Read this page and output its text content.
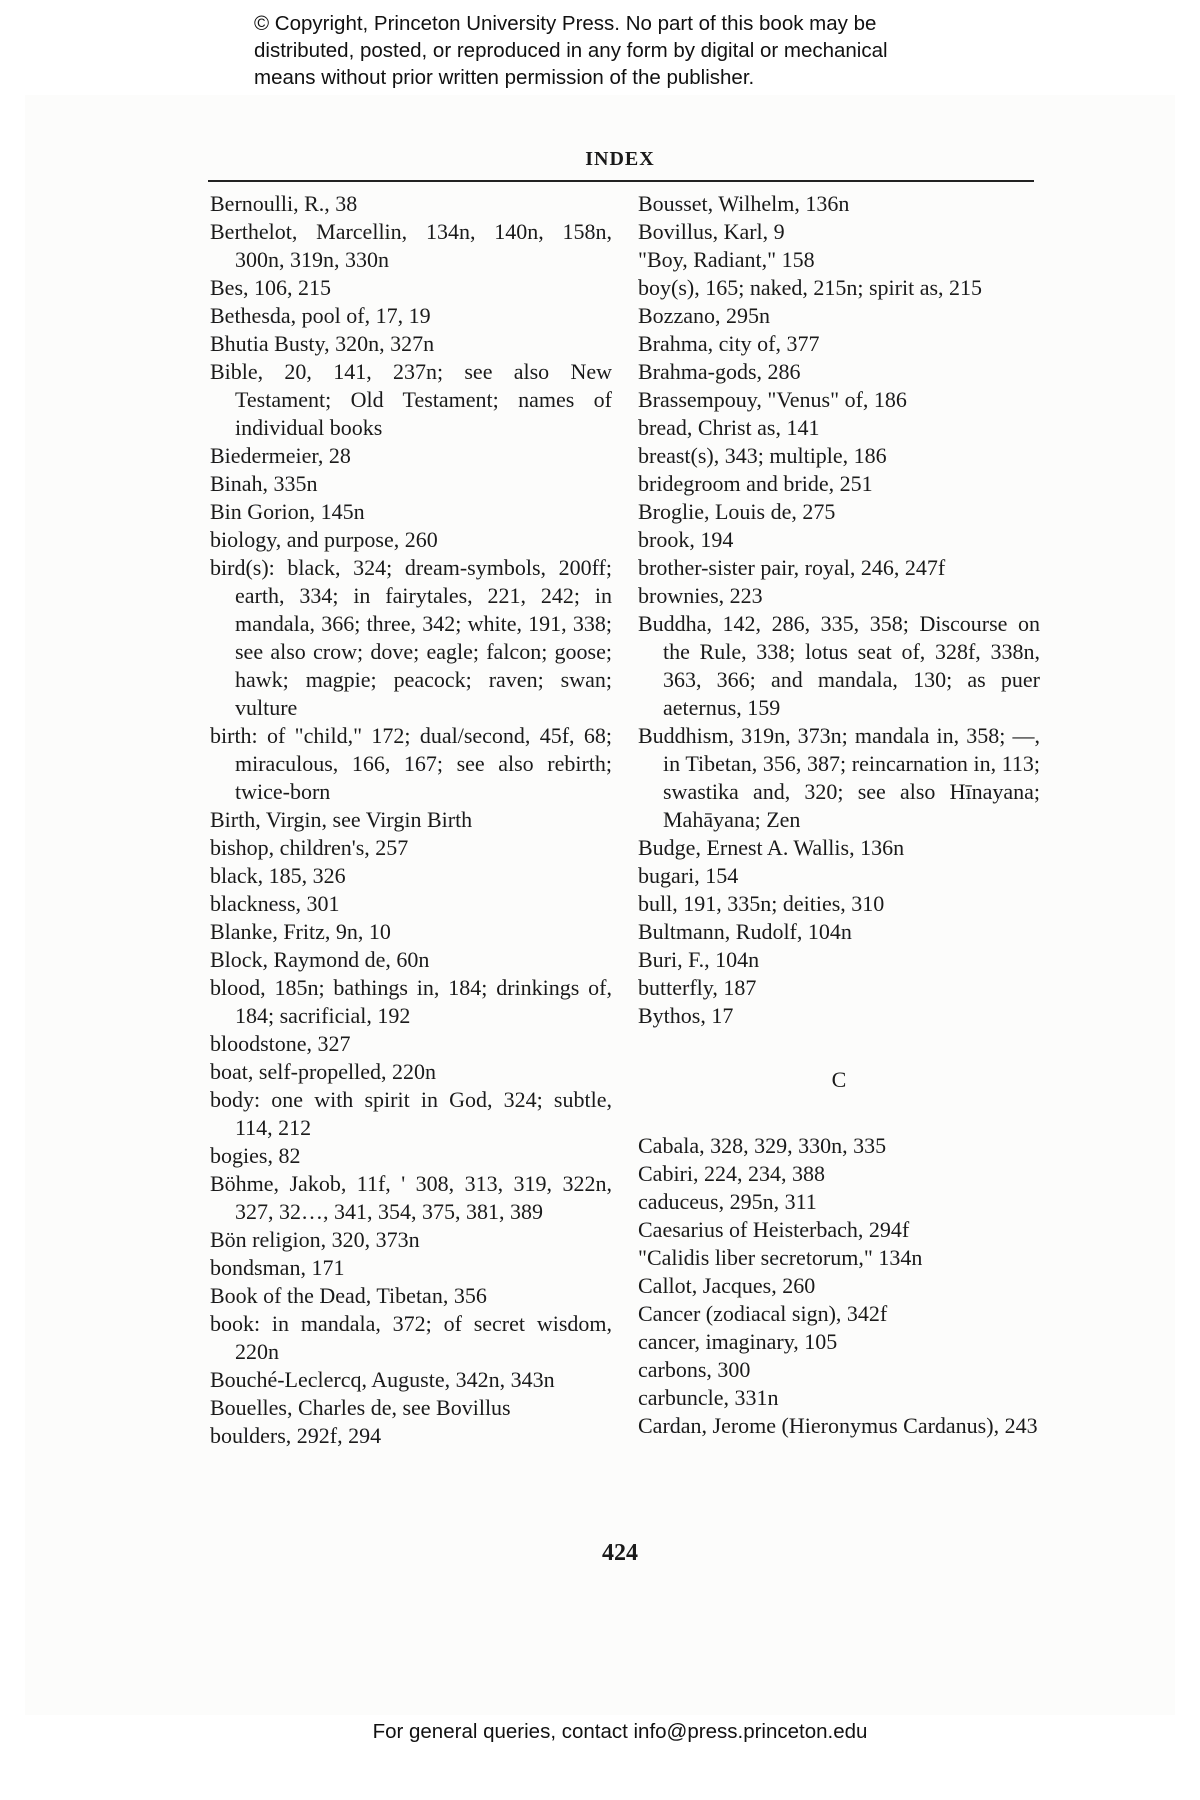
© Copyright, Princeton University Press. No part of this book may be
distributed, posted, or reproduced in any form by digital or mechanical
means without prior written permission of the publisher.
INDEX

Bernoulli, R., 38

Berthelot, Marcellin, 134n, 140n, 158n, 300n, 319n, 330n

Bes, 106, 215

Bethesda, pool of, 17, 19

Bhutia Busty, 320n, 327n

Bible, 20, 141, 237n; see also New Testament; Old Testament; names of individual books

Biedermeier, 28

Binah, 335n

Bin Gorion, 145n

biology, and purpose, 260

bird(s): black, 324; dream-symbols, 200ff; earth, 334; in fairytales, 221, 242; in mandala, 366; three, 342; white, 191, 338; see also crow; dove; eagle; falcon; goose; hawk; magpie; peacock; raven; swan; vulture

birth: of "child," 172; dual/second, 45f, 68; miraculous, 166, 167; see also rebirth; twice-born

Birth, Virgin, see Virgin Birth

bishop, children's, 257

black, 185, 326

blackness, 301

Blanke, Fritz, 9n, 10

Block, Raymond de, 60n

blood, 185n; bathings in, 184; drinkings of, 184; sacrificial, 192

bloodstone, 327

boat, self-propelled, 220n

body: one with spirit in God, 324; subtle, 114, 212

bogies, 82

Böhme, Jakob, 11f, ' 308, 313, 319, 322n, 327, 32…, 341, 354, 375, 381, 389

Bön religion, 320, 373n

bondsman, 171

Book of the Dead, Tibetan, 356

book: in mandala, 372; of secret wisdom, 220n

Bouché-Leclercq, Auguste, 342n, 343n

Bouelles, Charles de, see Bovillus

boulders, 292f, 294

Bousset, Wilhelm, 136n

Bovillus, Karl, 9

"Boy, Radiant," 158

boy(s), 165; naked, 215n; spirit as, 215

Bozzano, 295n

Brahma, city of, 377

Brahma-gods, 286

Brassempouy, "Venus" of, 186

bread, Christ as, 141

breast(s), 343; multiple, 186

bridegroom and bride, 251

Broglie, Louis de, 275

brook, 194

brother-sister pair, royal, 246, 247f

brownies, 223

Buddha, 142, 286, 335, 358; Discourse on the Rule, 338; lotus seat of, 328f, 338n, 363, 366; and mandala, 130; as puer aeternus, 159

Buddhism, 319n, 373n; mandala in, 358; —, in Tibetan, 356, 387; reincarnation in, 113; swastika and, 320; see also Hīnayana; Mahāyana; Zen

Budge, Ernest A. Wallis, 136n

bugari, 154

bull, 191, 335n; deities, 310

Bultmann, Rudolf, 104n

Buri, F., 104n

butterfly, 187

Bythos, 17

C

Cabala, 328, 329, 330n, 335

Cabiri, 224, 234, 388

caduceus, 295n, 311

Caesarius of Heisterbach, 294f

"Calidis liber secretorum," 134n

Callot, Jacques, 260

Cancer (zodiacal sign), 342f

cancer, imaginary, 105

carbons, 300

carbuncle, 331n

Cardan, Jerome (Hieronymus Cardanus), 243

424
For general queries, contact info@press.princeton.edu
